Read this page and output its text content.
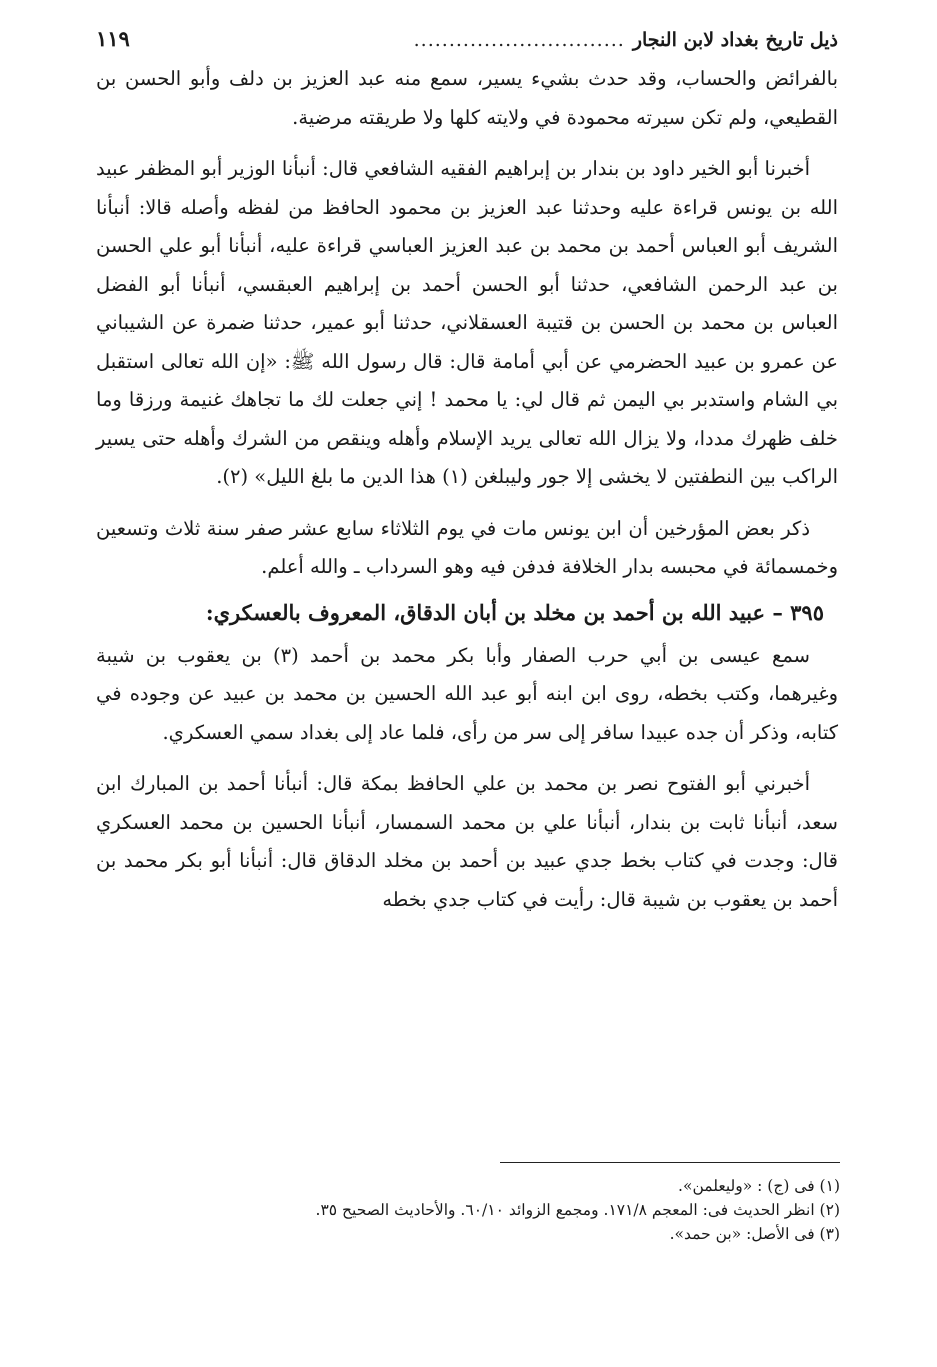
ذيل تاريخ بغداد لابن النجار
..............................
١١٩

بالفرائض والحساب، وقد حدث بشيء يسير، سمع منه عبد العزيز بن دلف وأبو الحسن بن القطيعي، ولم تكن سيرته محمودة في ولايته كلها ولا طريقته مرضية.

أخبرنا أبو الخير داود بن بندار بن إبراهيم الفقيه الشافعي قال: أنبأنا الوزير أبو المظفر عبيد الله بن يونس قراءة عليه وحدثنا عبد العزيز بن محمود الحافظ من لفظه وأصله قالا: أنبأنا الشريف أبو العباس أحمد بن محمد بن عبد العزيز العباسي قراءة عليه، أنبأنا أبو علي الحسن بن عبد الرحمن الشافعي، حدثنا أبو الحسن أحمد بن إبراهيم العبقسي، أنبأنا أبو الفضل العباس بن محمد بن الحسن بن قتيبة العسقلاني، حدثنا أبو عمير، حدثنا ضمرة عن الشيباني عن عمرو بن عبيد الحضرمي عن أبي أمامة قال: قال رسول الله ﷺ: «إن الله تعالى استقبل بي الشام واستدبر بي اليمن ثم قال لي: يا محمد ! إني جعلت لك ما تجاهك غنيمة ورزقا وما خلف ظهرك مددا، ولا يزال الله تعالى يريد الإسلام وأهله وينقص من الشرك وأهله حتى يسير الراكب بين النطفتين لا يخشى إلا جور وليبلغن (١) هذا الدين ما بلغ الليل» (٢).

ذكر بعض المؤرخين أن ابن يونس مات في يوم الثلاثاء سابع عشر صفر سنة ثلاث وتسعين وخمسمائة في محبسه بدار الخلافة فدفن فيه وهو السرداب ـ والله أعلم.

٣٩٥ – عبيد الله بن أحمد بن مخلد بن أبان الدقاق، المعروف بالعسكري:

سمع عيسى بن أبي حرب الصفار وأبا بكر محمد بن أحمد (٣) بن يعقوب بن شيبة وغيرهما، وكتب بخطه، روى ابن ابنه أبو عبد الله الحسين بن محمد بن عبيد عن وجوده في كتابه، وذكر أن جده عبيدا سافر إلى سر من رأى، فلما عاد إلى بغداد سمي العسكري.

أخبرني أبو الفتوح نصر بن محمد بن علي الحافظ بمكة قال: أنبأنا أحمد بن المبارك ابن سعد، أنبأنا ثابت بن بندار، أنبأنا علي بن محمد السمسار، أنبأنا الحسين بن محمد العسكري قال: وجدت في كتاب بخط جدي عبيد بن أحمد بن مخلد الدقاق قال: أنبأنا أبو بكر محمد بن أحمد بن يعقوب بن شيبة قال: رأيت في كتاب جدي بخطه

(١) فى (ج) : «وليعلمن».

(٢) انظر الحديث فى: المعجم ١٧١/٨. ومجمع الزوائد ٦٠/١٠. والأحاديث الصحيح ٣٥.

(٣) فى الأصل: «بن حمد».
